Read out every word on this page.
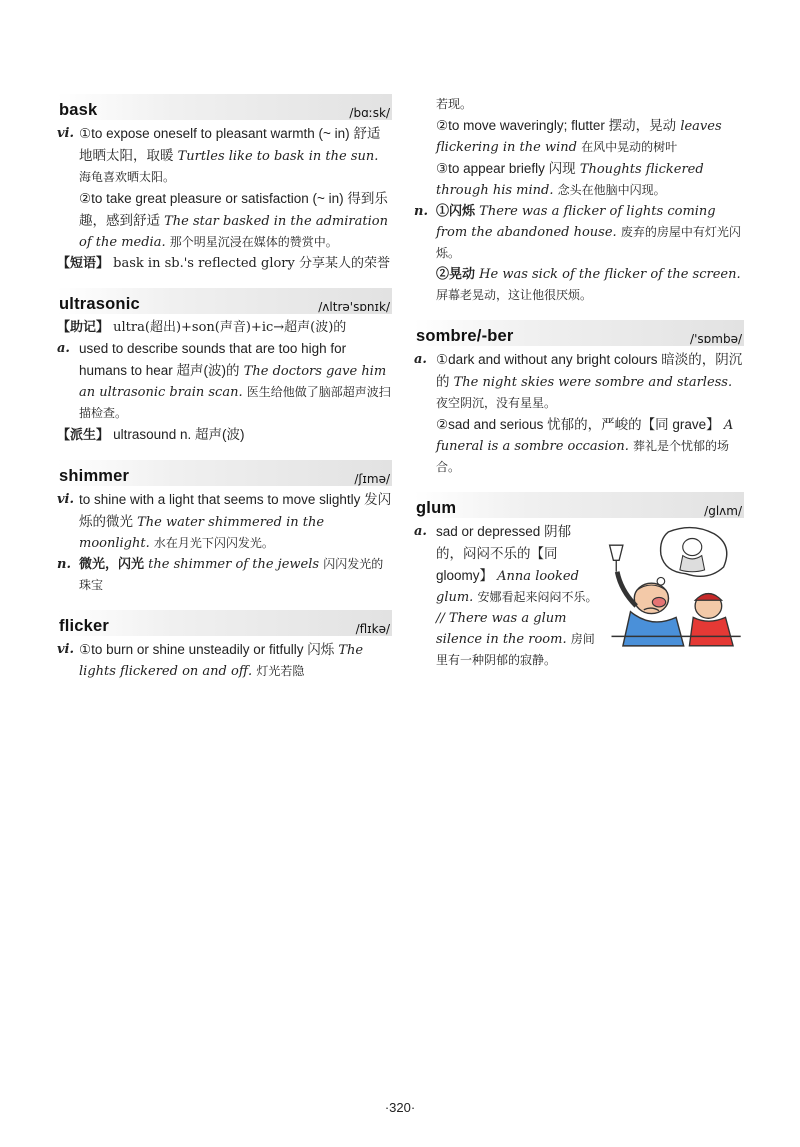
bask	/bɑːsk/

vi. ①to expose oneself to pleasant warmth (~ in) 舒适地晒太阳，取暖 Turtles like to bask in the sun. 海龟喜欢晒太阳。

②to take great pleasure or satisfaction (~ in) 得到乐趣，感到舒适 The star basked in the admiration of the media. 那个明星沉浸在媒体的赞赏中。

【短语】 bask in sb.'s reflected glory 分享某人的荣誉

ultrasonic	/ʌltrə'sɒnɪk/

【助记】 ultra(超出)+son(声音)+ic→超声(波)的

a. used to describe sounds that are too high for humans to hear 超声(波)的 The doctors gave him an ultrasonic brain scan. 医生给他做了脑部超声波扫描检查。

【派生】 ultrasound n. 超声(波)

shimmer	/ʃɪmə/

vi. to shine with a light that seems to move slightly 发闪烁的微光 The water shimmered in the moonlight. 水在月光下闪闪发光。

n. 微光，闪光 the shimmer of the jewels 闪闪发光的珠宝

flicker	/flɪkə/

vi. ①to burn or shine unsteadily or fitfully 闪烁 The lights flickered on and off. 灯光若隐

若现。

②to move waveringly; flutter 摆动，晃动 leaves flickering in the wind 在风中晃动的树叶

③to appear briefly 闪现 Thoughts flickered through his mind. 念头在他脑中闪现。

n. ①闪烁 There was a flicker of lights coming from the abandoned house. 废弃的房屋中有灯光闪烁。

②晃动 He was sick of the flicker of the screen. 屏幕老晃动，这让他很厌烦。

sombre/-ber	/'sɒmbə/

a. ①dark and without any bright colours 暗淡的，阴沉的 The night skies were sombre and starless. 夜空阴沉，没有星星。

②sad and serious 忧郁的，严峻的【同 grave】 A funeral is a sombre occasion. 葬礼是个忧郁的场合。

glum	/glʌm/

a. sad or depressed 阴郁的，闷闷不乐的【同 gloomy】 Anna looked glum. 安娜看起来闷闷不乐。 // There was a glum silence in the room. 房间里有一种阴郁的寂静。

·320·
